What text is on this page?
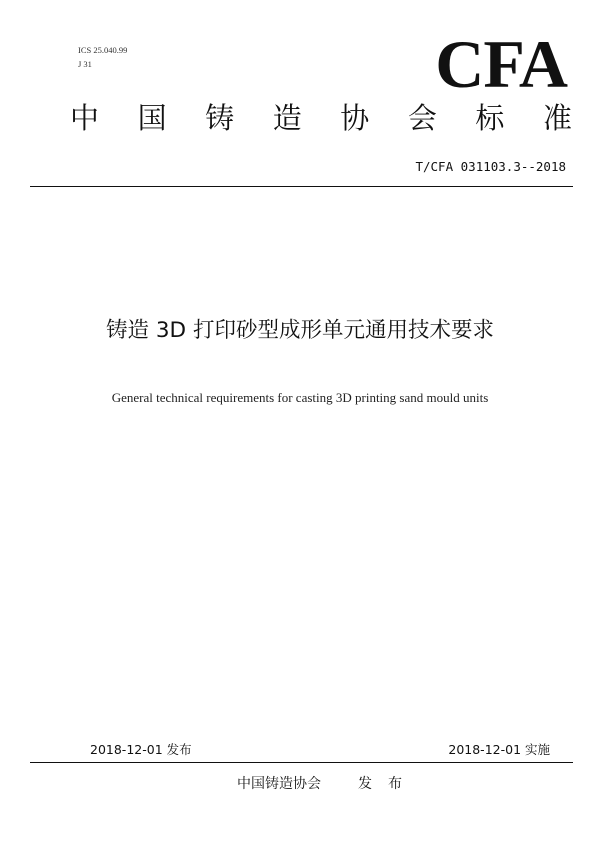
ICS 25.040.99
J 31	CFA
中 国 铸 造 协 会 标 准
T/CFA 031103.3--2018
铸造 3D 打印砂型成形单元通用技术要求
General technical requirements for casting 3D printing sand mould units
2018-12-01 发布	2018-12-01 实施
中国铸造协会	发布
